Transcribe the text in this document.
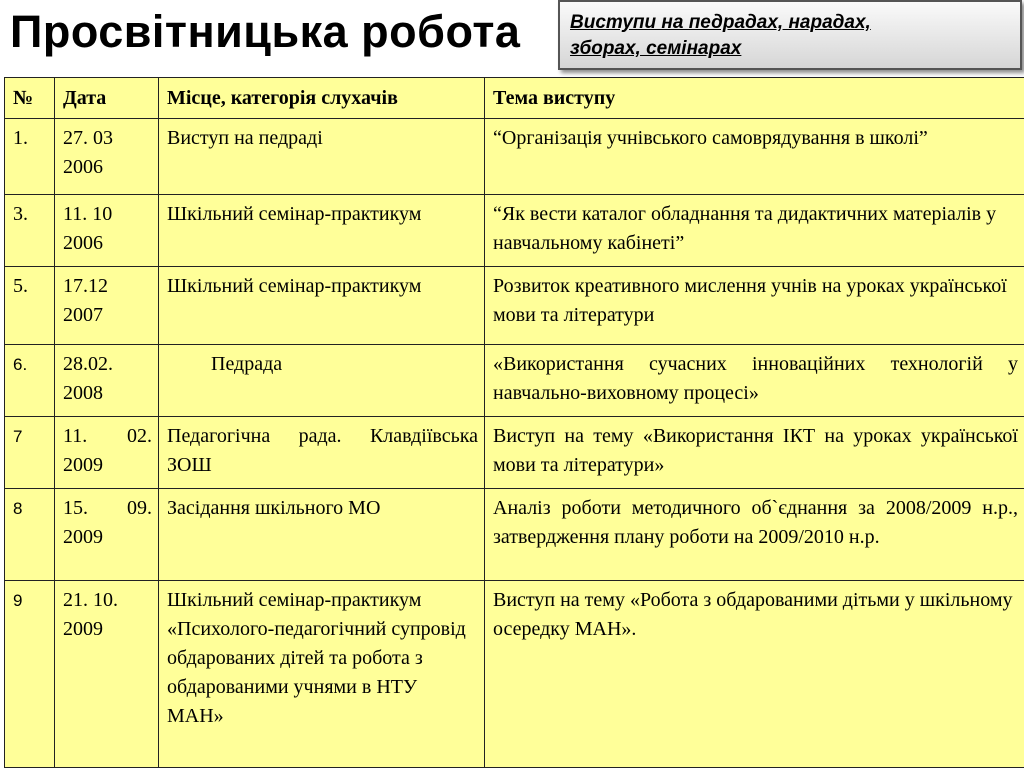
Просвітницька робота	Виступи на педрадах, нарадах,
зборах, семінарах
№	Дата	Місце, категорія слухачів	Тема виступу
1.	27. 03 2006	Виступ на педраді	“Організація учнівського самоврядування в школі”
3.	11. 10 2006	Шкільний семінар-практикум	“Як вести каталог обладнання та дидактичних матеріалів у навчальному кабінеті”
5.	17.12 2007	Шкільний семінар-практикум	Розвиток креативного мислення учнів на уроках української мови та літератури
6.	28.02. 2008	Педрада	«Використання сучасних інноваційних технологій у навчально-виховному процесі»
7	11. 02. 2009	Педагогічна рада. Клавдіївська ЗОШ	Виступ на тему «Використання ІКТ на уроках української мови та літератури»
8	15. 09. 2009	Засідання шкільного МО	Аналіз роботи методичного об`єднання за 2008/2009 н.р., затвердження плану роботи на 2009/2010 н.р.
9	21. 10. 2009	Шкільний семінар-практикум «Психолого-педагогічний супровід обдарованих дітей та робота з обдарованими учнями в НТУ МАН»	Виступ на тему «Робота з обдарованими дітьми у шкільному осередку МАН».
